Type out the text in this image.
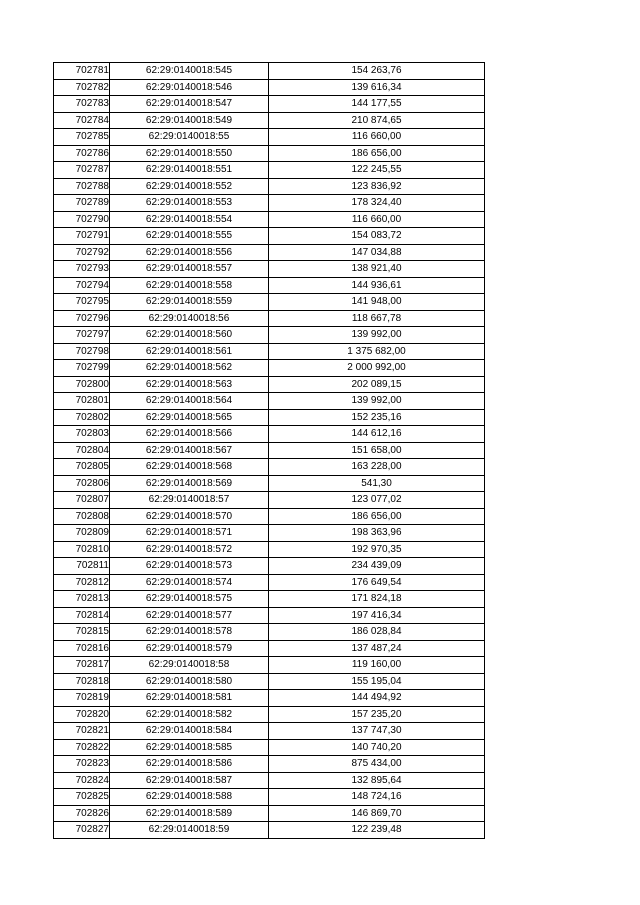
702781	62:29:0140018:545	154 263,76
702782	62:29:0140018:546	139 616,34
702783	62:29:0140018:547	144 177,55
702784	62:29:0140018:549	210 874,65
702785	62:29:0140018:55	116 660,00
702786	62:29:0140018:550	186 656,00
702787	62:29:0140018:551	122 245,55
702788	62:29:0140018:552	123 836,92
702789	62:29:0140018:553	178 324,40
702790	62:29:0140018:554	116 660,00
702791	62:29:0140018:555	154 083,72
702792	62:29:0140018:556	147 034,88
702793	62:29:0140018:557	138 921,40
702794	62:29:0140018:558	144 936,61
702795	62:29:0140018:559	141 948,00
702796	62:29:0140018:56	118 667,78
702797	62:29:0140018:560	139 992,00
702798	62:29:0140018:561	1 375 682,00
702799	62:29:0140018:562	2 000 992,00
702800	62:29:0140018:563	202 089,15
702801	62:29:0140018:564	139 992,00
702802	62:29:0140018:565	152 235,16
702803	62:29:0140018:566	144 612,16
702804	62:29:0140018:567	151 658,00
702805	62:29:0140018:568	163 228,00
702806	62:29:0140018:569	541,30
702807	62:29:0140018:57	123 077,02
702808	62:29:0140018:570	186 656,00
702809	62:29:0140018:571	198 363,96
702810	62:29:0140018:572	192 970,35
702811	62:29:0140018:573	234 439,09
702812	62:29:0140018:574	176 649,54
702813	62:29:0140018:575	171 824,18
702814	62:29:0140018:577	197 416,34
702815	62:29:0140018:578	186 028,84
702816	62:29:0140018:579	137 487,24
702817	62:29:0140018:58	119 160,00
702818	62:29:0140018:580	155 195,04
702819	62:29:0140018:581	144 494,92
702820	62:29:0140018:582	157 235,20
702821	62:29:0140018:584	137 747,30
702822	62:29:0140018:585	140 740,20
702823	62:29:0140018:586	875 434,00
702824	62:29:0140018:587	132 895,64
702825	62:29:0140018:588	148 724,16
702826	62:29:0140018:589	146 869,70
702827	62:29:0140018:59	122 239,48
